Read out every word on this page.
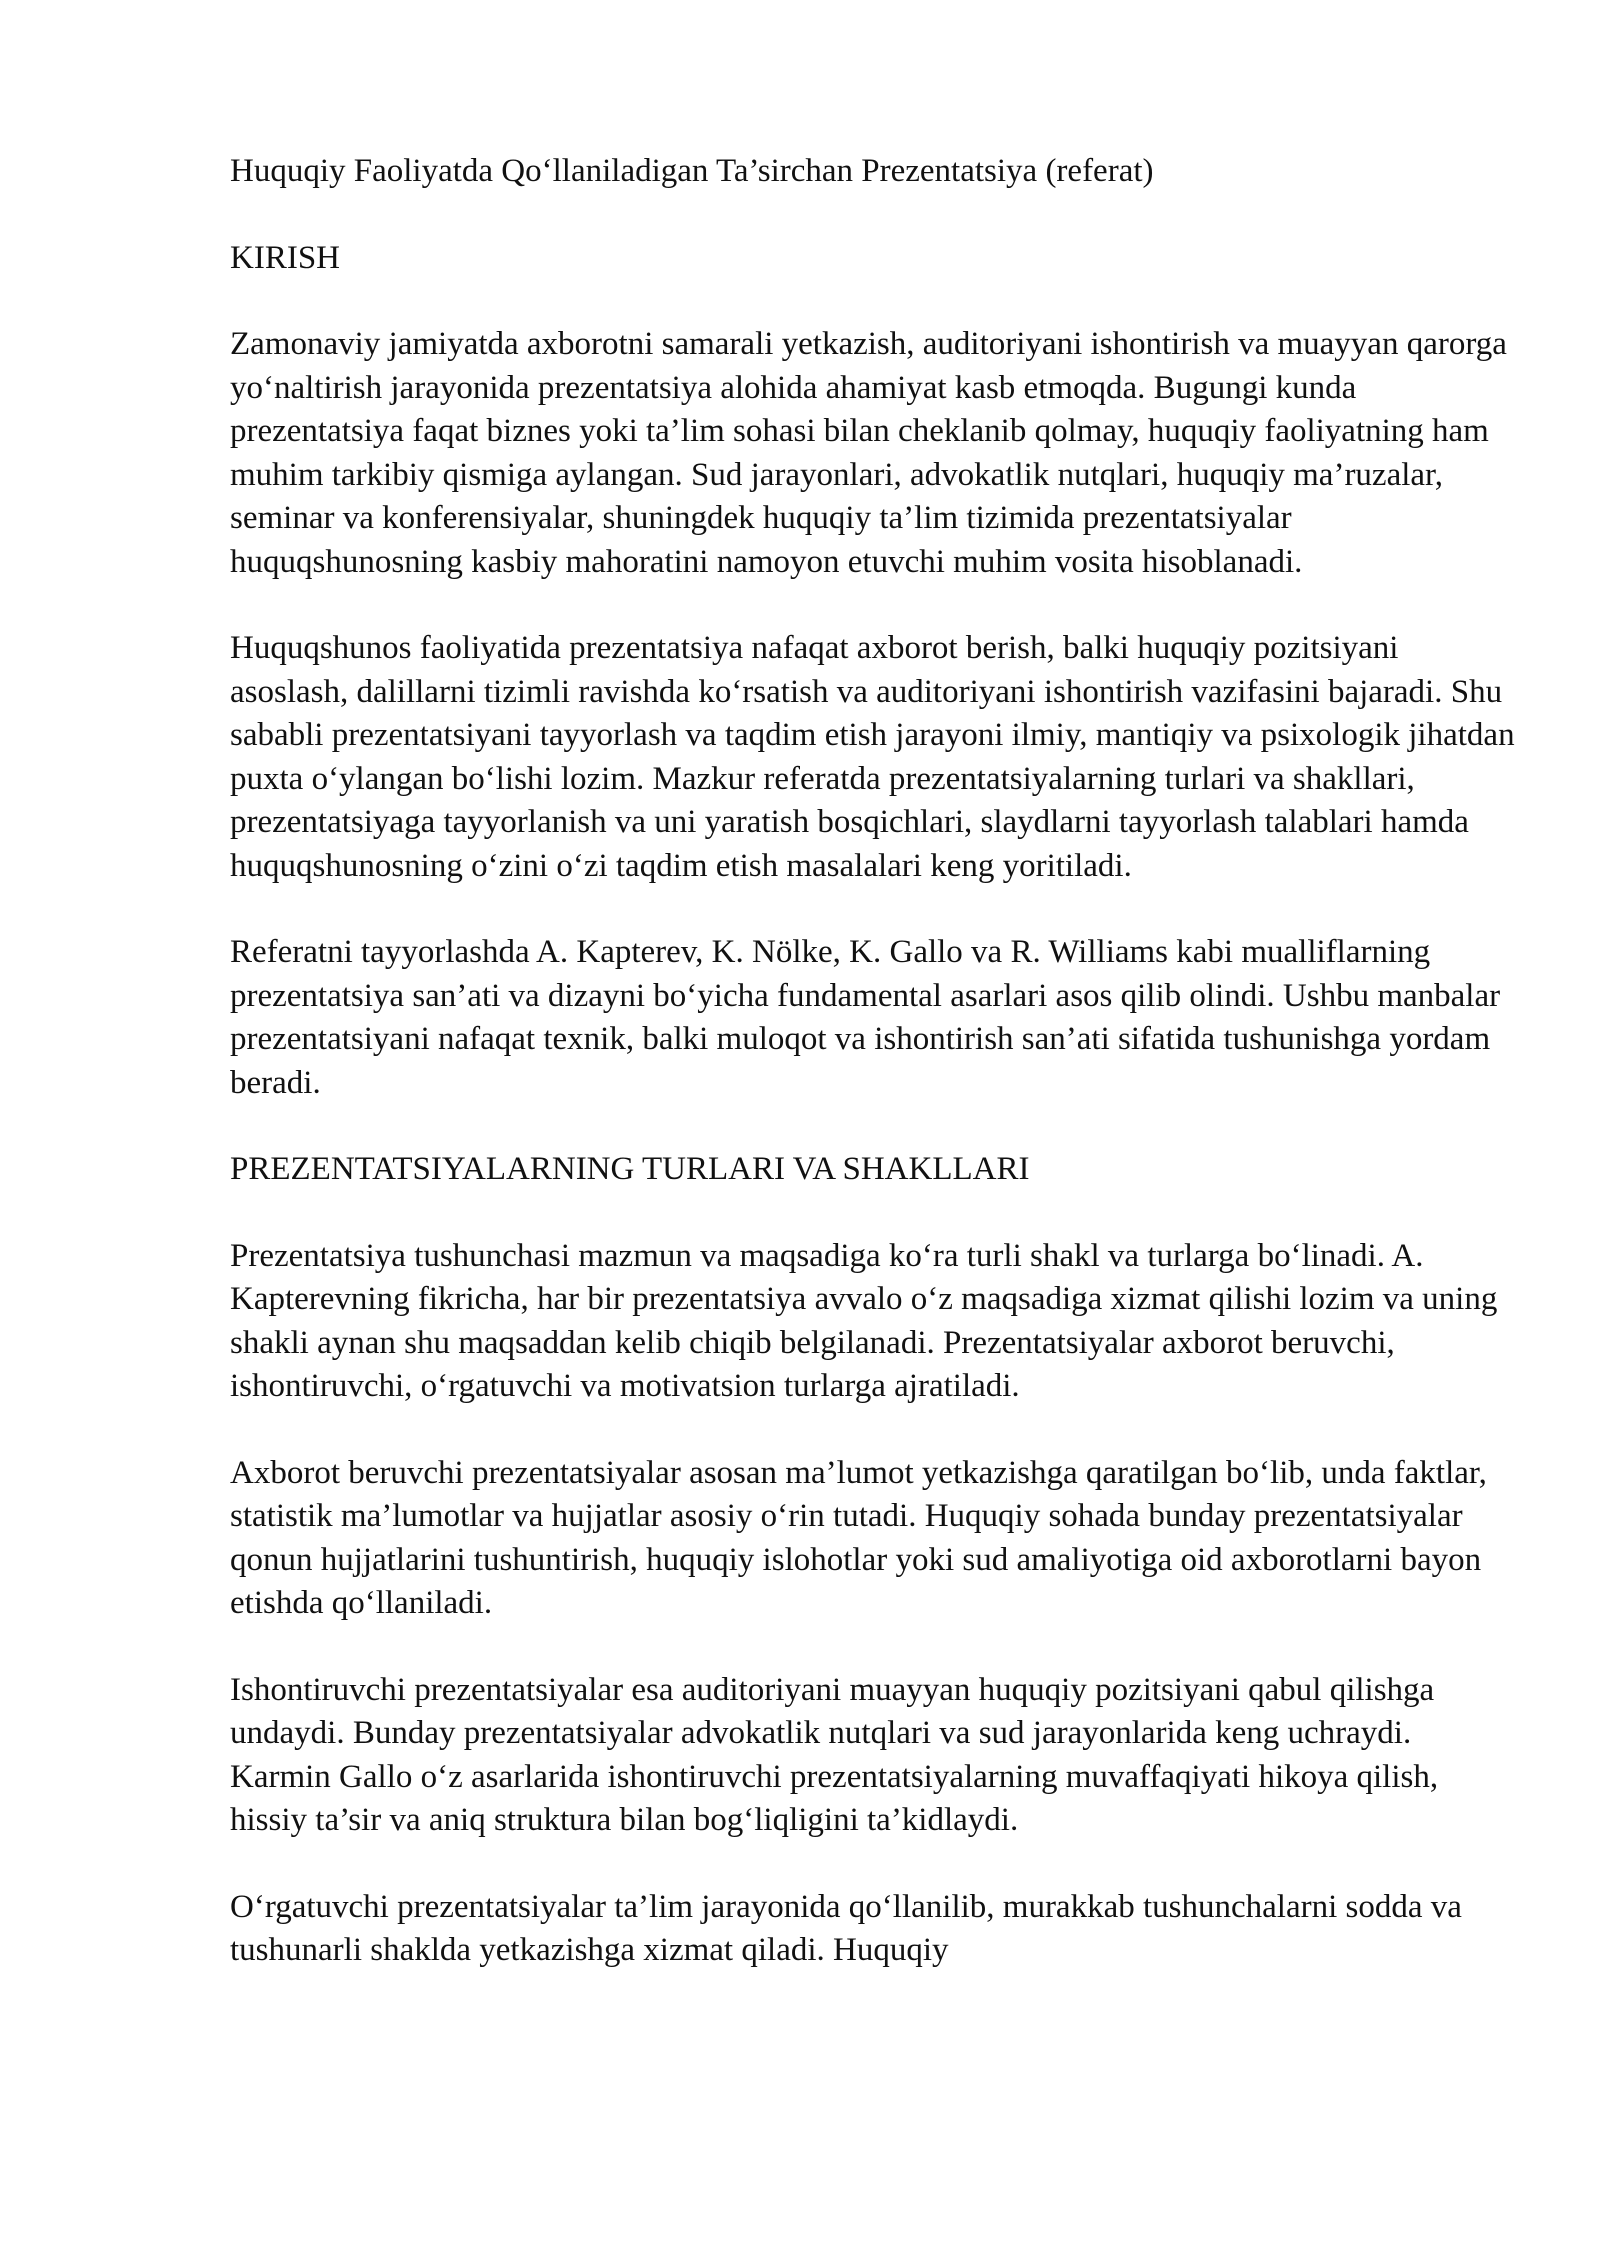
Huquqiy Faoliyatda Qo‘llaniladigan Ta’sirchan Prezentatsiya (referat)

KIRISH

Zamonaviy jamiyatda axborotni samarali yetkazish, auditoriyani ishontirish va muayyan qarorga yo‘naltirish jarayonida prezentatsiya alohida ahamiyat kasb etmoqda. Bugungi kunda prezentatsiya faqat biznes yoki ta’lim sohasi bilan cheklanib qolmay, huquqiy faoliyatning ham muhim tarkibiy qismiga aylangan. Sud jarayonlari, advokatlik nutqlari, huquqiy ma’ruzalar, seminar va konferensiyalar, shuningdek huquqiy ta’lim tizimida prezentatsiyalar huquqshunosning kasbiy mahoratini namoyon etuvchi muhim vosita hisoblanadi.

Huquqshunos faoliyatida prezentatsiya nafaqat axborot berish, balki huquqiy pozitsiyani asoslash, dalillarni tizimli ravishda ko‘rsatish va auditoriyani ishontirish vazifasini bajaradi. Shu sababli prezentatsiyani tayyorlash va taqdim etish jarayoni ilmiy, mantiqiy va psixologik jihatdan puxta o‘ylangan bo‘lishi lozim. Mazkur referatda prezentatsiyalarning turlari va shakllari, prezentatsiyaga tayyorlanish va uni yaratish bosqichlari, slaydlarni tayyorlash talablari hamda huquqshunosning o‘zini o‘zi taqdim etish masalalari keng yoritiladi.

Referatni tayyorlashda A. Kapterev, K. Nölke, K. Gallo va R. Williams kabi mualliflarning prezentatsiya san’ati va dizayni bo‘yicha fundamental asarlari asos qilib olindi. Ushbu manbalar prezentatsiyani nafaqat texnik, balki muloqot va ishontirish san’ati sifatida tushunishga yordam beradi.

PREZENTATSIYALARNING TURLARI VA SHAKLLARI

Prezentatsiya tushunchasi mazmun va maqsadiga ko‘ra turli shakl va turlarga bo‘linadi. A. Kapterevning fikricha, har bir prezentatsiya avvalo o‘z maqsadiga xizmat qilishi lozim va uning shakli aynan shu maqsaddan kelib chiqib belgilanadi. Prezentatsiyalar axborot beruvchi, ishontiruvchi, o‘rgatuvchi va motivatsion turlarga ajratiladi.

Axborot beruvchi prezentatsiyalar asosan ma’lumot yetkazishga qaratilgan bo‘lib, unda faktlar, statistik ma’lumotlar va hujjatlar asosiy o‘rin tutadi. Huquqiy sohada bunday prezentatsiyalar qonun hujjatlarini tushuntirish, huquqiy islohotlar yoki sud amaliyotiga oid axborotlarni bayon etishda qo‘llaniladi.

Ishontiruvchi prezentatsiyalar esa auditoriyani muayyan huquqiy pozitsiyani qabul qilishga undaydi. Bunday prezentatsiyalar advokatlik nutqlari va sud jarayonlarida keng uchraydi. Karmin Gallo o‘z asarlarida ishontiruvchi prezentatsiyalarning muvaffaqiyati hikoya qilish, hissiy ta’sir va aniq struktura bilan bog‘liqligini ta’kidlaydi.

O‘rgatuvchi prezentatsiyalar ta’lim jarayonida qo‘llanilib, murakkab tushunchalarni sodda va tushunarli shaklda yetkazishga xizmat qiladi. Huquqiy
